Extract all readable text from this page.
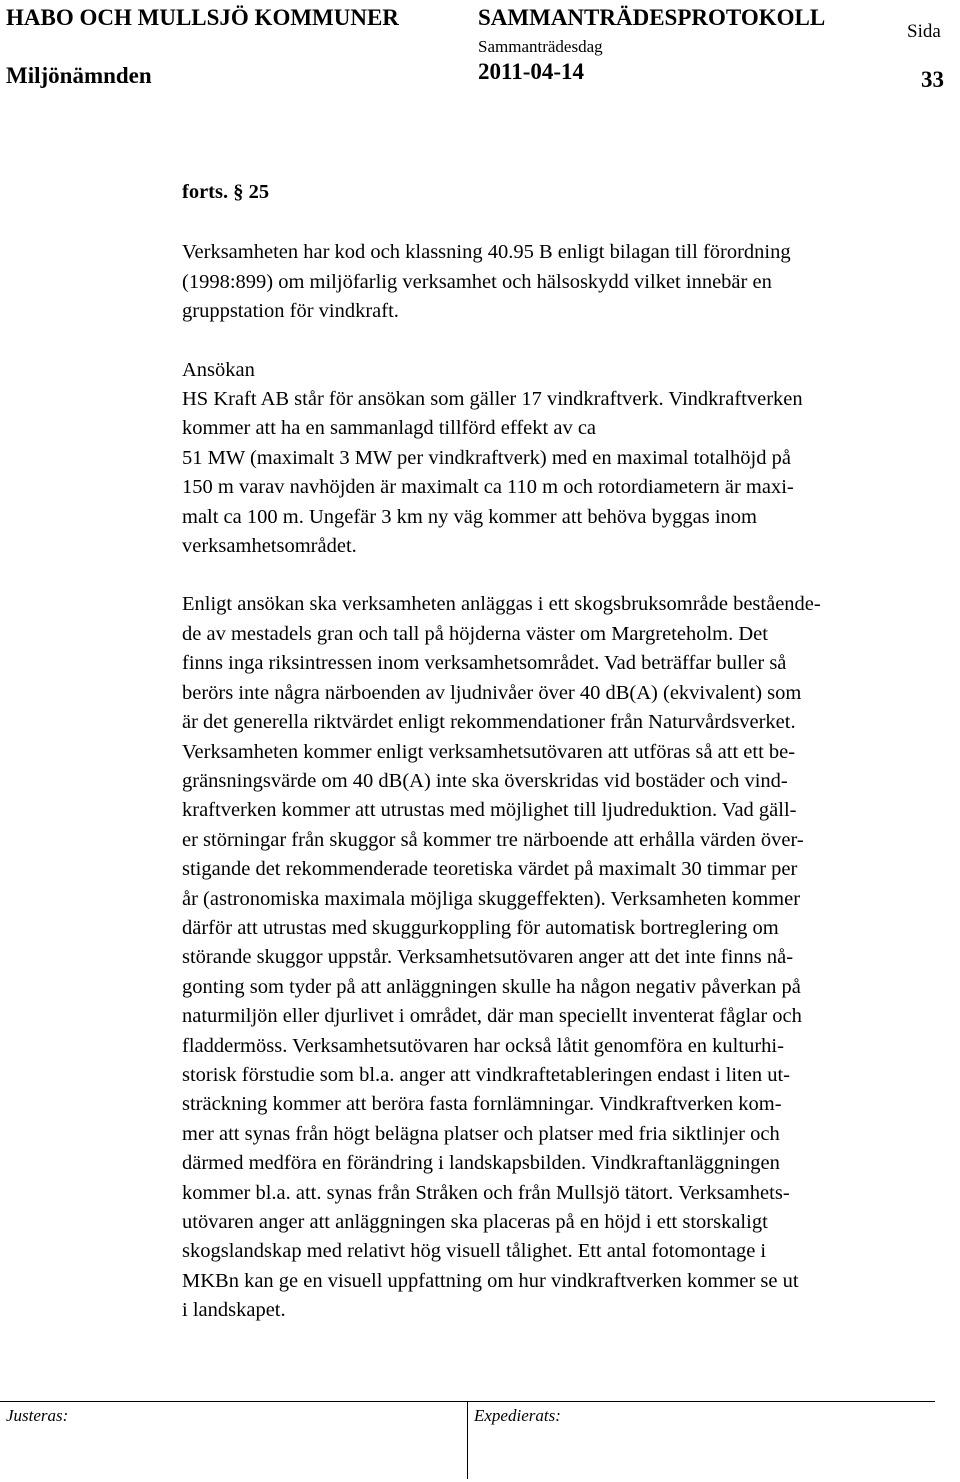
HABO OCH MULLSJÖ KOMMUNER	SAMMANTRÄDESPROTOKOLL
Sammanträdesdag
Sida
Miljönämnden	2011-04-14	33

forts. § 25

Verksamheten har kod och klassning 40.95 B enligt bilagan till förordning
(1998:899) om miljöfarlig verksamhet och hälsoskydd vilket innebär en
gruppstation för vindkraft.

Ansökan

HS Kraft AB står för ansökan som gäller 17 vindkraftverk. Vindkraftverken
kommer att ha en sammanlagd tillförd effekt av ca
51 MW (maximalt 3 MW per vindkraftverk) med en maximal totalhöjd på
150 m varav navhöjden är maximalt ca 110 m och rotordiametern är maxi-
malt ca 100 m. Ungefär 3 km ny väg kommer att behöva byggas inom
verksamhetsområdet.
Enligt ansökan ska verksamheten anläggas i ett skogsbruksområde bestående-
de av mestadels gran och tall på höjderna väster om Margreteholm. Det
finns inga riksintressen inom verksamhetsområdet. Vad beträffar buller så
berörs inte några närboenden av ljudnivåer över 40 dB(A) (ekvivalent) som
är det generella riktvärdet enligt rekommendationer från Naturvårdsverket.
Verksamheten kommer enligt verksamhetsutövaren att utföras så att ett be-
gränsningsvärde om 40 dB(A) inte ska överskridas vid bostäder och vind-
kraftverken kommer att utrustas med möjlighet till ljudreduktion. Vad gäll-
er störningar från skuggor så kommer tre närboende att erhålla värden över-
stigande det rekommenderade teoretiska värdet på maximalt 30 timmar per
år (astronomiska maximala möjliga skuggeffekten). Verksamheten kommer
därför att utrustas med skuggurkoppling för automatisk bortreglering om
störande skuggor uppstår. Verksamhetsutövaren anger att det inte finns nå-
gonting som tyder på att anläggningen skulle ha någon negativ påverkan på
naturmiljön eller djurlivet i området, där man speciellt inventerat fåglar och
fladdermöss. Verksamhetsutövaren har också låtit genomföra en kulturhi-
storisk förstudie som bl.a. anger att vindkraftetableringen endast i liten ut-
sträckning kommer att beröra fasta fornlämningar. Vindkraftverken kom-
mer att synas från högt belägna platser och platser med fria siktlinjer och
därmed medföra en förändring i landskapsbilden. Vindkraftanläggningen
kommer bl.a. att. synas från Stråken och från Mullsjö tätort. Verksamhets-
utövaren anger att anläggningen ska placeras på en höjd i ett storskaligt
skogslandskap med relativt hög visuell tålighet. Ett antal fotomontage i
MKBn kan ge en visuell uppfattning om hur vindkraftverken kommer se ut
i landskapet.
Justeras:	Expedierats:
